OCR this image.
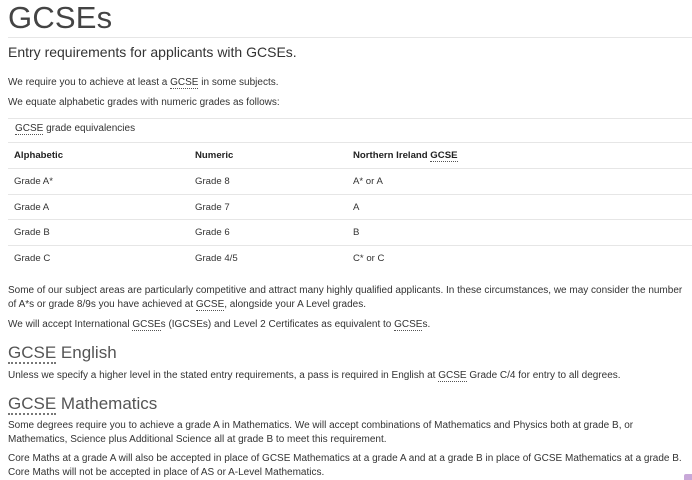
GCSEs
Entry requirements for applicants with GCSEs.
We require you to achieve at least a GCSE in some subjects.
We equate alphabetic grades with numeric grades as follows:
GCSE grade equivalencies
Alphabetic	Numeric	Northern Ireland GCSE
Grade A*	Grade 8	A* or A
Grade A	Grade 7	A
Grade B	Grade 6	B
Grade C	Grade 4/5	C* or C
Some of our subject areas are particularly competitive and attract many highly qualified applicants. In these circumstances, we may consider the number of A*s or grade 8/9s you have achieved at GCSE, alongside your A Level grades.
We will accept International GCSEs (IGCSEs) and Level 2 Certificates as equivalent to GCSEs.
GCSE English
Unless we specify a higher level in the stated entry requirements, a pass is required in English at GCSE Grade C/4 for entry to all degrees.
GCSE Mathematics
Some degrees require you to achieve a grade A in Mathematics. We will accept combinations of Mathematics and Physics both at grade B, or Mathematics, Science plus Additional Science all at grade B to meet this requirement.
Core Maths at a grade A will also be accepted in place of GCSE Mathematics at a grade A and at a grade B in place of GCSE Mathematics at a grade B. Core Maths will not be accepted in place of AS or A-Level Mathematics.
